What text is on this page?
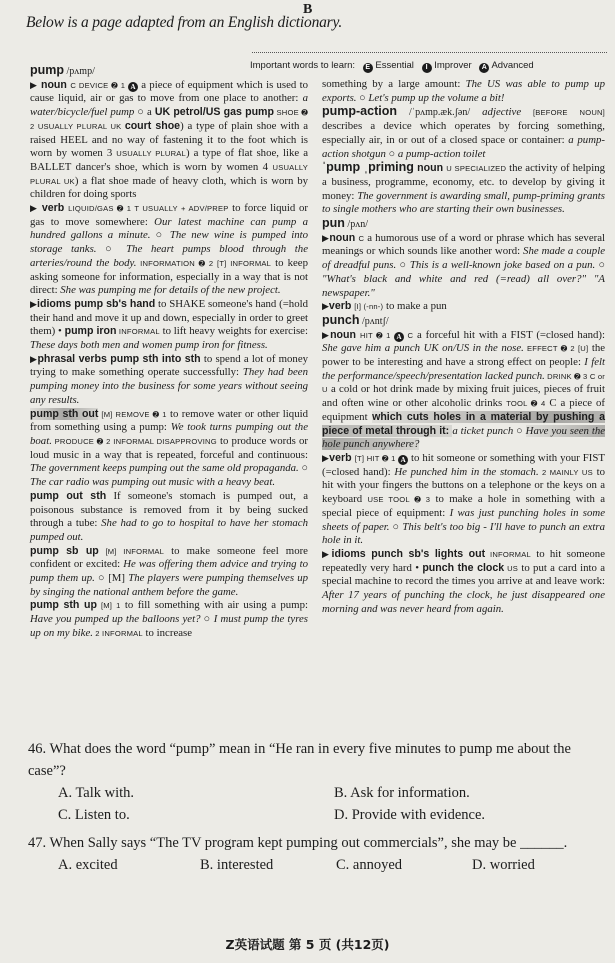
B
Below is a page adapted from an English dictionary.
Important words to learn: E Essential I Improver A Advanced

pump /pʌmp/

▶ noun C DEVICE ➋ 1 A a piece of equipment which is used to cause liquid, air or gas to move from one place to another: a water/bicycle/fuel pump ○ a UK petrol/US gas pump SHOE ➋ 2 USUALLY PLURAL UK court shoe) a type of plain shoe with a raised HEEL and no way of fastening it to the foot which is worn by women 3 USUALLY PLURAL) a type of flat shoe, like a BALLET dancer's shoe, which is worn by women 4 USUALLY PLURAL UK) a flat shoe made of heavy cloth, which is worn by children for doing sports

▶ verb LIQUID/GAS ➋ 1 T USUALLY + ADV/PREP to force liquid or gas to move somewhere: Our latest machine can pump a hundred gallons a minute. ○ The new wine is pumped into storage tanks. ○ The heart pumps blood through the arteries/round the body. INFORMATION ➋ 2 [T] INFORMAL to keep asking someone for information, especially in a way that is not direct: She was pumping me for details of the new project.

▶idioms pump sb's hand to SHAKE someone's hand (=hold their hand and move it up and down, especially in order to greet them) • pump iron INFORMAL to lift heavy weights for exercise: These days both men and women pump iron for fitness.

▶phrasal verbs pump sth into sth to spend a lot of money trying to make something operate successfully: They had been pumping money into the business for some years without seeing any results.

pump sth out [M] REMOVE ➋ 1 to remove water or other liquid from something using a pump: We took turns pumping out the boat. PRODUCE ➋ 2 INFORMAL DISAPPROVING to produce words or loud music in a way that is repeated, forceful and continuous: The government keeps pumping out the same old propaganda. ○ The car radio was pumping out music with a heavy beat.

pump out sth If someone's stomach is pumped out, a poisonous substance is removed from it by being sucked through a tube: She had to go to hospital to have her stomach pumped out.

pump sb up [M] INFORMAL to make someone feel more confident or excited: He was offering them advice and trying to pump them up. ○ [M] The players were pumping themselves up by singing the national anthem before the game.

pump sth up [M] 1 to fill something with air using a pump: Have you pumped up the balloons yet? ○ I must pump the tyres up on my bike. 2 INFORMAL to increase

something by a large amount: The US was able to pump up exports. ○ Let's pump up the volume a bit!

pump-action /ˈpʌmp.æk.ʃən/ adjective [BEFORE NOUN] describes a device which operates by forcing something, especially air, in or out of a closed space or container: a pump-action shotgun ○ a pump-action toilet

ˈpump ˌpriming noun U SPECIALIZED the activity of helping a business, programme, economy, etc. to develop by giving it money: The government is awarding small, pump-priming grants to single mothers who are starting their own businesses.

pun /pʌn/

▶noun C a humorous use of a word or phrase which has several meanings or which sounds like another word: She made a couple of dreadful puns. ○ This is a well-known joke based on a pun. ○ "What's black and white and red (=read) all over?" "A newspaper."

▶verb [I] (-nn-) to make a pun

punch /pʌntʃ/

▶noun HIT ➋ 1 A C a forceful hit with a FIST (=closed hand): She gave him a punch UK on/US in the nose. EFFECT ➋ 2 [U] the power to be interesting and have a strong effect on people: I felt the performance/speech/presentation lacked punch. DRINK ➋ 3 C or U a cold or hot drink made by mixing fruit juices, pieces of fruit and often wine or other alcoholic drinks TOOL ➋ 4 C a piece of equipment which cuts holes in a material by pushing a piece of metal through it: a ticket punch ○ Have you seen the hole punch anywhere?

▶verb [T] HIT ➋ 1 A to hit someone or something with your FIST (=closed hand): He punched him in the stomach. 2 MAINLY US to hit with your fingers the buttons on a telephone or the keys on a keyboard USE TOOL ➋ 3 to make a hole in something with a special piece of equipment: I was just punching holes in some sheets of paper. ○ This belt's too big - I'll have to punch an extra hole in it.

▶idioms punch sb's lights out INFORMAL to hit someone repeatedly very hard • punch the clock US to put a card into a special machine to record the times you arrive at and leave work: After 17 years of punching the clock, he just disappeared one morning and was never heard from again.

46. What does the word “pump” mean in “He ran in every five minutes to pump me about the case”?

A. Talk with.	B. Ask for information.
C. Listen to.	D. Provide with evidence.

47. When Sally says “The TV program kept pumping out commercials”, she may be ______.

A. excited	B. interested	C. annoyed	D. worried
Z英语试题 第 5 页 (共12页)
